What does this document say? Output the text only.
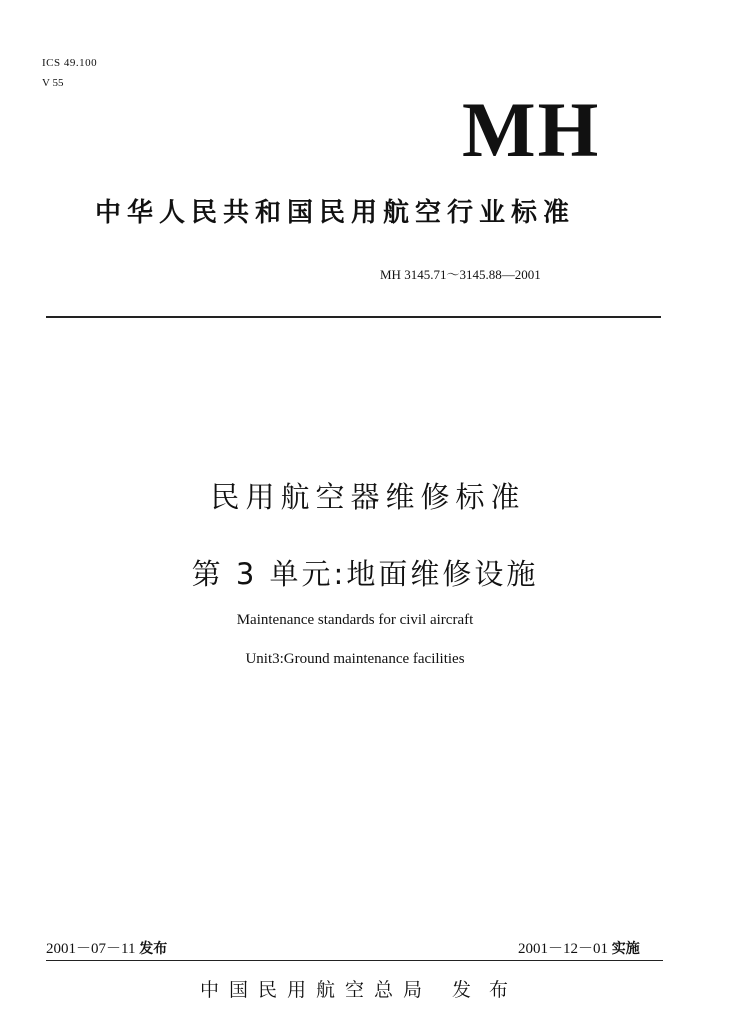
ICS 49.100
V 55
MH
中华人民共和国民用航空行业标准
MH 3145.71～3145.88—2001
民用航空器维修标准
第 3 单元:地面维修设施
Maintenance standards for civil aircraft
Unit3:Ground maintenance facilities
2001－07－11 发布	2001－12－01 实施
中国民用航空总局 发布
